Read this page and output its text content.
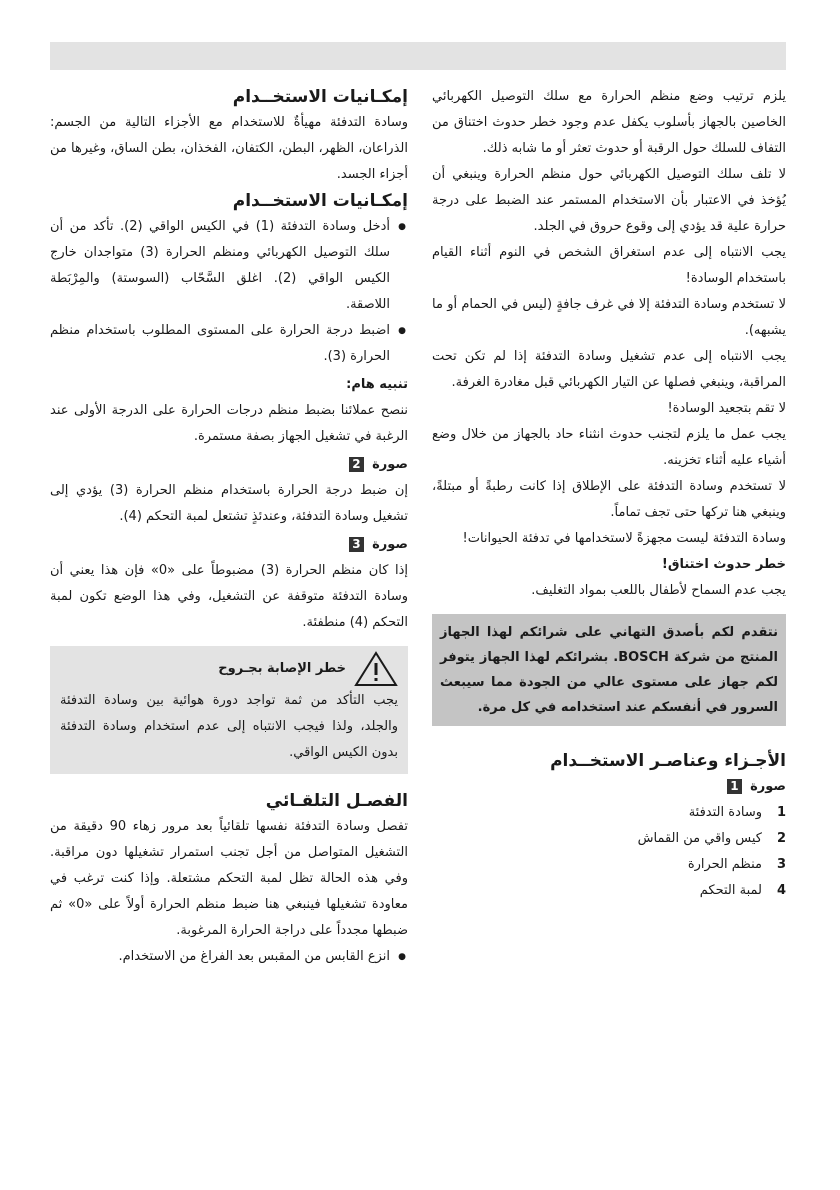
إمكـانيات الاستخــدام

وسادة التدفئة مهيأةٌ للاستخدام مع الأجزاء التالية من الجسم: الذراعان، الظهر، البطن، الكتفان، الفخذان، بطن الساق، وغيرها من أجزاء الجسد.

إمكـانيات الاستخــدام
● أدخل وسادة التدفئة (1) في الكيس الواقي (2). تأكد من أن سلك التوصيل الكهربائي ومنظم الحرارة (3) متواجدان خارج الكيس الواقي (2). اغلق السَّحّاب (السوستة) والمِرْبَطة اللاصقة.
● اضبط درجة الحرارة على المستوى المطلوب باستخدام منظم الحرارة (3).
تنبيه هام:

ننصح عملائنا بضبط منظم درجات الحرارة على الدرجة الأولى عند الرغبة في تشغيل الجهاز بصفة مستمرة.

صورة 2

إن ضبط درجة الحرارة باستخدام منظم الحرارة (3) يؤدي إلى تشغيل وسادة التدفئة، وعندئذٍ تشتعل لمبة التحكم (4).

صورة 3

إذا كان منظم الحرارة (3) مضبوطاً على «0» فإن هذا يعني أن وسادة التدفئة متوقفة عن التشغيل، وفي هذا الوضع تكون لمبة التحكم (4) منطفئة.

خطر الإصابة بجـروح

يجب التأكد من ثمة تواجد دورة هوائية بين وسادة التدفئة والجلد، ولذا فيجب الانتباه إلى عدم استخدام وسادة التدفئة بدون الكيس الواقي.

الفصـل التلقـائي

تفصل وسادة التدفئة نفسها تلقائياً بعد مرور زهاء 90 دقيقة من التشغيل المتواصل من أجل تجنب استمرار تشغيلها دون مراقبة. وفي هذه الحالة تظل لمبة التحكم مشتعلة. وإذا كنت ترغب في معاودة تشغيلها فينبغي هنا ضبط منظم الحرارة أولاً على «0» ثم ضبطها مجدداً على دراجة الحرارة المرغوبة.

● انزع القابس من المقبس بعد الفراغ من الاستخدام.

يلزم ترتيب وضع منظم الحرارة مع سلك التوصيل الكهربائي الخاصين بالجهاز بأسلوب يكفل عدم وجود خطر حدوث اختناق من التفاف للسلك حول الرقبة أو حدوث تعثر أو ما شابه ذلك.

لا تلف سلك التوصيل الكهربائي حول منظم الحرارة وينبغي أن يُؤخذ في الاعتبار بأن الاستخدام المستمر عند الضبط على درجة حرارة علية قد يؤدي إلى وقوع حروق في الجلد.

يجب الانتباه إلى عدم استغراق الشخص في النوم أثناء القيام باستخدام الوسادة!

لا تستخدم وسادة التدفئة إلا في غرف جافةٍ (ليس في الحمام أو ما يشبهه).

يجب الانتباه إلى عدم تشغيل وسادة التدفئة إذا لم تكن تحت المراقبة، وينبغي فصلها عن التيار الكهربائي قبل مغادرة الغرفة.

لا تقم بتجعيد الوسادة!

يجب عمل ما يلزم لتجنب حدوث انثناء حاد بالجهاز من خلال وضع أشياء عليه أثناء تخزينه.

لا تستخدم وسادة التدفئة على الإطلاق إذا كانت رطبةً أو مبتلةً، وينبغي هنا تركها حتى تجف تماماً.

وسادة التدفئة ليست مجهزةً لاستخدامها في تدفئة الحيوانات!

خطر حدوث اختناق!

يجب عدم السماح لأطفال باللعب بمواد التغليف.

نتقدم لكم بأصدق التهاني على شرائكم لهذا الجهاز المنتج من شركة BOSCH. بشرائكم لهذا الجهاز يتوفر لكم جهاز على مستوى عالي من الجودة مما سيبعث السرور في أنفسكم عند استخدامه في كل مرة.
الأجـزاء وعناصـر الاستخــدام
صورة 1
1
وسادة التدفئة
2
كيس واقي من القماش
3
منظم الحرارة
4
لمبة التحكم
